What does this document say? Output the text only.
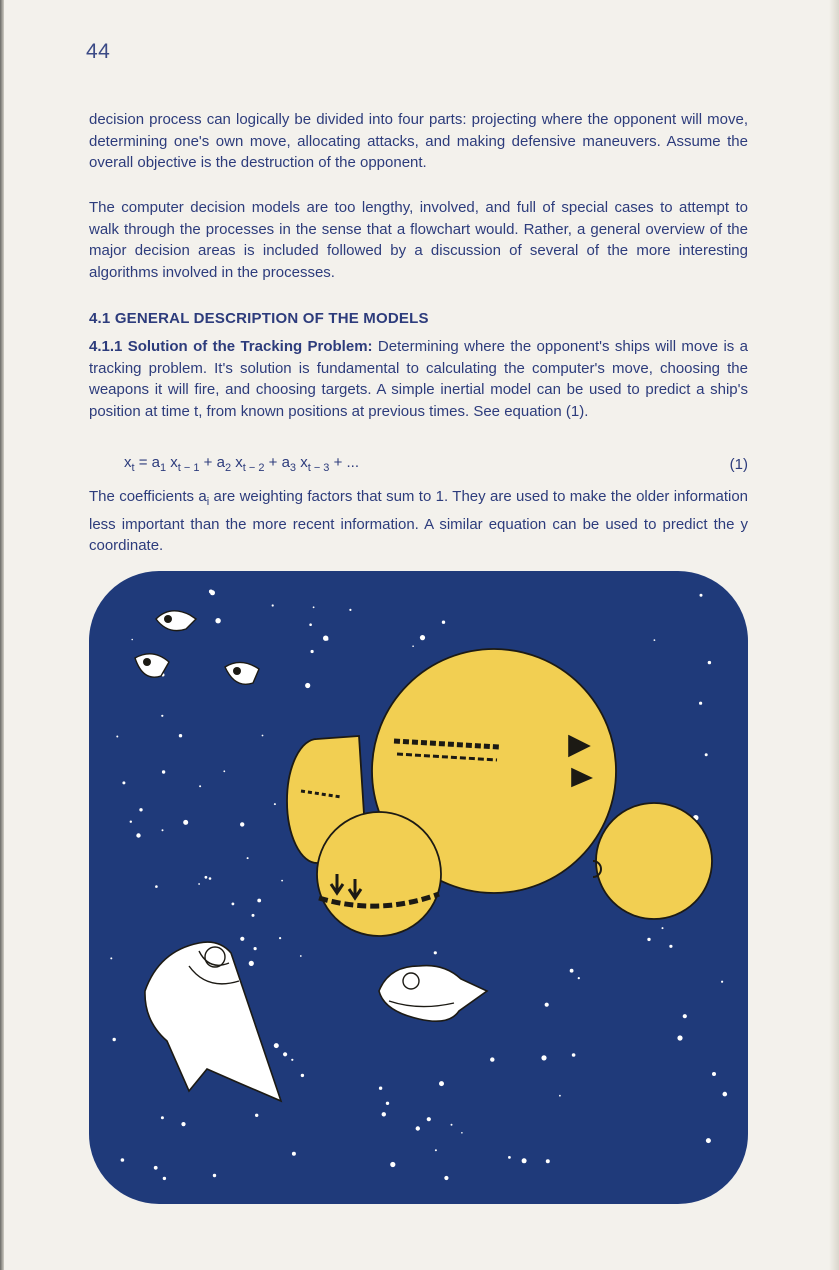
44
decision process can logically be divided into four parts: projecting where the opponent will move, determining one's own move, allocating attacks, and making defensive maneuvers. Assume the overall objective is the destruction of the opponent.
The computer decision models are too lengthy, involved, and full of special cases to attempt to walk through the processes in the sense that a flowchart would. Rather, a general overview of the major decision areas is included followed by a discussion of several of the more interesting algorithms involved in the processes.
4.1 GENERAL DESCRIPTION OF THE MODELS
4.1.1 Solution of the Tracking Problem: Determining where the opponent's ships will move is a tracking problem. It's solution is fundamental to calculating the computer's move, choosing the weapons it will fire, and choosing targets. A simple inertial model can be used to predict a ship's position at time t, from known positions at previous times. See equation (1).
$x_t = a_1$ $x_{t - 1} + a_2$ $x_{t - 2} + a_3$ $x_{t - 3}$ + ...	(1)
The coefficients $a_i$ are weighting factors that sum to 1. They are used to make the older information less important than the more recent information. A similar equation can be used to predict the y coordinate.
